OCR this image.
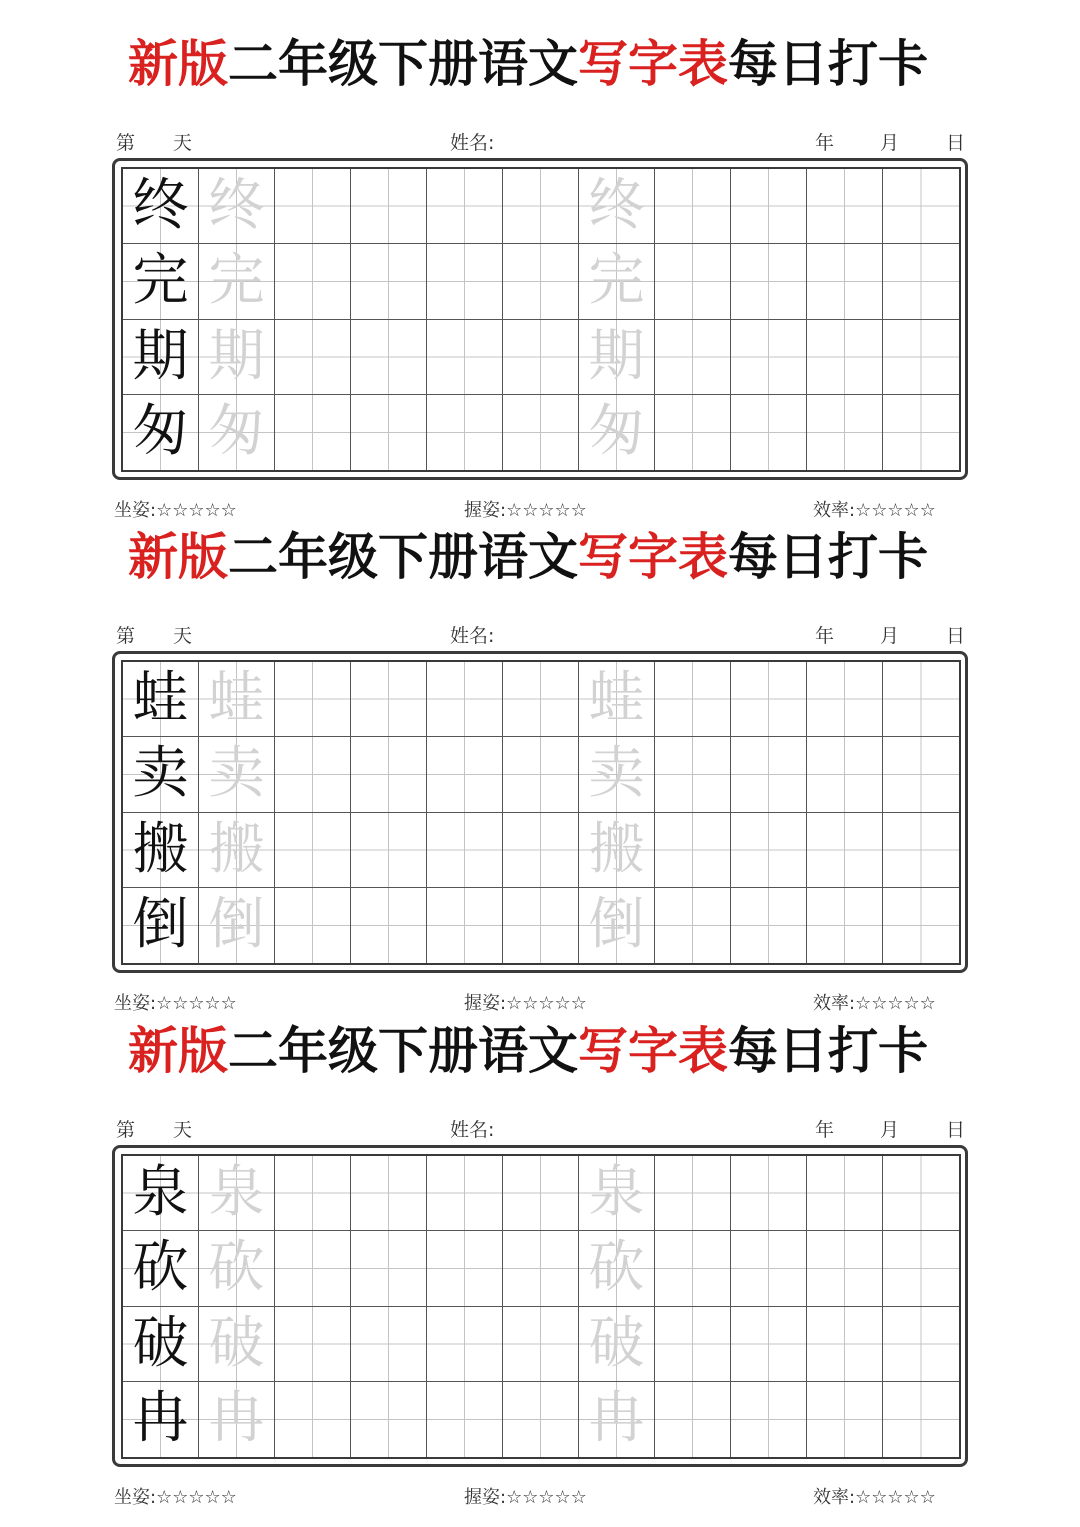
新版二年级下册语文写字表每日打卡
第 天	姓名:	年 月 日
终 终	终
完 完	完
期 期	期
匆 匆	匆
坐姿:☆☆☆☆☆	握姿:☆☆☆☆☆	效率:☆☆☆☆☆
新版二年级下册语文写字表每日打卡
第 天	姓名:	年 月 日
蛙 蛙	蛙
卖 卖	卖
搬 搬	搬
倒 倒	倒
坐姿:☆☆☆☆☆	握姿:☆☆☆☆☆	效率:☆☆☆☆☆
新版二年级下册语文写字表每日打卡
第 天	姓名:	年 月 日
泉 泉	泉
砍 砍	砍
破 破	破
冉 冉	冉
坐姿:☆☆☆☆☆	握姿:☆☆☆☆☆	效率:☆☆☆☆☆
